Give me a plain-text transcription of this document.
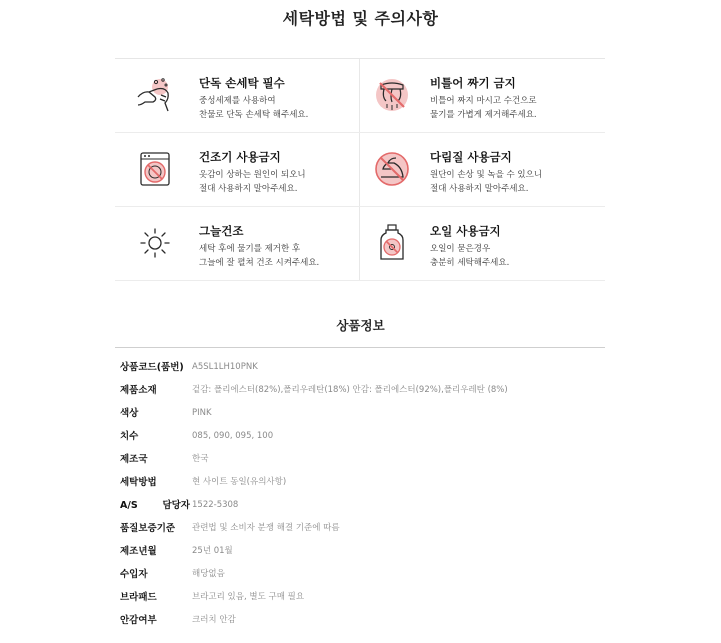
세탁방법 및 주의사항
단독 손세탁 필수
중성세제를 사용하여
찬물로 단독 손세탁 해주세요.
비틀어 짜기 금지
비틀어 짜지 마시고 수건으로
물기를 가볍게 제거해주세요.
건조기 사용금지
옷감이 상하는 원인이 되오니
절대 사용하지 말아주세요.
다림질 사용금지
원단이 손상 및 녹을 수 있으니
절대 사용하지 말아주세요.
그늘건조
세탁 후에 물기를 제거한 후
그늘에 잘 펼쳐 건조 시켜주세요.
오일 사용금지
오일이 묻은경우
충분히 세탁해주세요.
상품정보
상품코드(품번) A5SL1LH10PNK
제품소재	겉감: 폴리에스터(82%),폴리우레탄(18%) 안감: 폴리에스터(92%),폴리우레탄 (8%)
색상	PINK
치수	085, 090, 095, 100
제조국	한국
세탁방법	현 사이트 동일(유의사항)
A/S 담당자 1522-5308
품질보증기준	관련법 및 소비자 분쟁 해결 기준에 따름
제조년월	25년 01월
수입자	해당없음
브라패드	브라고리 있음, 별도 구매 필요
안감여부	크러치 안감
